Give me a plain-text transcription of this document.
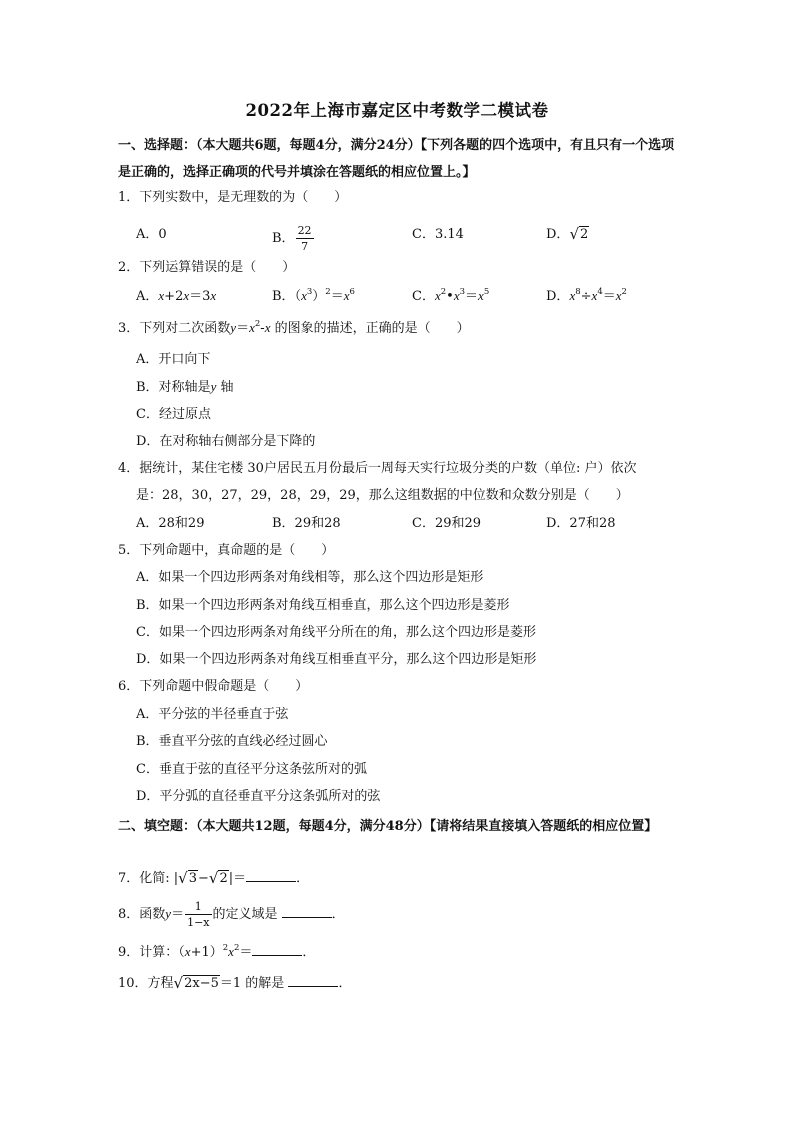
2022年上海市嘉定区中考数学二模试卷
一、选择题：（本大题共6题，每题4分，满分24分）【下列各题的四个选项中，有且只有一个选项是正确的，选择正确项的代号并填涂在答题纸的相应位置上。】
1．下列实数中，是无理数的为（　　）
A．0	B． $\frac{22}{7}$	C．3.14	D．√2
2．下列运算错误的是（　　）
A．x+2x＝3x	B．$(x^3)^2=x^6$	C．$x^2•x^3=x^5$	D．$x^8\div x^4=x^2$
3．下列对二次函数$y=x^2-x$ 的图象的描述，正确的是（　　）
A．开口向下
B．对称轴是y 轴
C．经过原点
D．在对称轴右侧部分是下降的
4．据统计，某住宅楼 30户居民五月份最后一周每天实行垃圾分类的户数（单位: 户）依次
是：28，30，27，29，28，29，29，那么这组数据的中位数和众数分别是（　　）
A．28和29	B．29和28	C．29和29	D．27和28
5．下列命题中，真命题的是（　　）
A．如果一个四边形两条对角线相等，那么这个四边形是矩形
B．如果一个四边形两条对角线互相垂直，那么这个四边形是菱形
C．如果一个四边形两条对角线平分所在的角，那么这个四边形是菱形
D．如果一个四边形两条对角线互相垂直平分，那么这个四边形是矩形
6．下列命题中假命题是（　　）
A．平分弦的半径垂直于弦
B．垂直平分弦的直线必经过圆心
C．垂直于弦的直径平分这条弦所对的弧
D．平分弧的直径垂直平分这条弧所对的弦
二、填空题：（本大题共12题，每题4分，满分48分）【请将结果直接填入答题纸的相应位置】
7．化简: |√3−√2|＝	．
8．函数$y= \frac{1}{1-x}$ 的定义域是	．
9．计算：$(x+1)^2x^2=$	．
10．方程√2x−5＝1 的解是	．
